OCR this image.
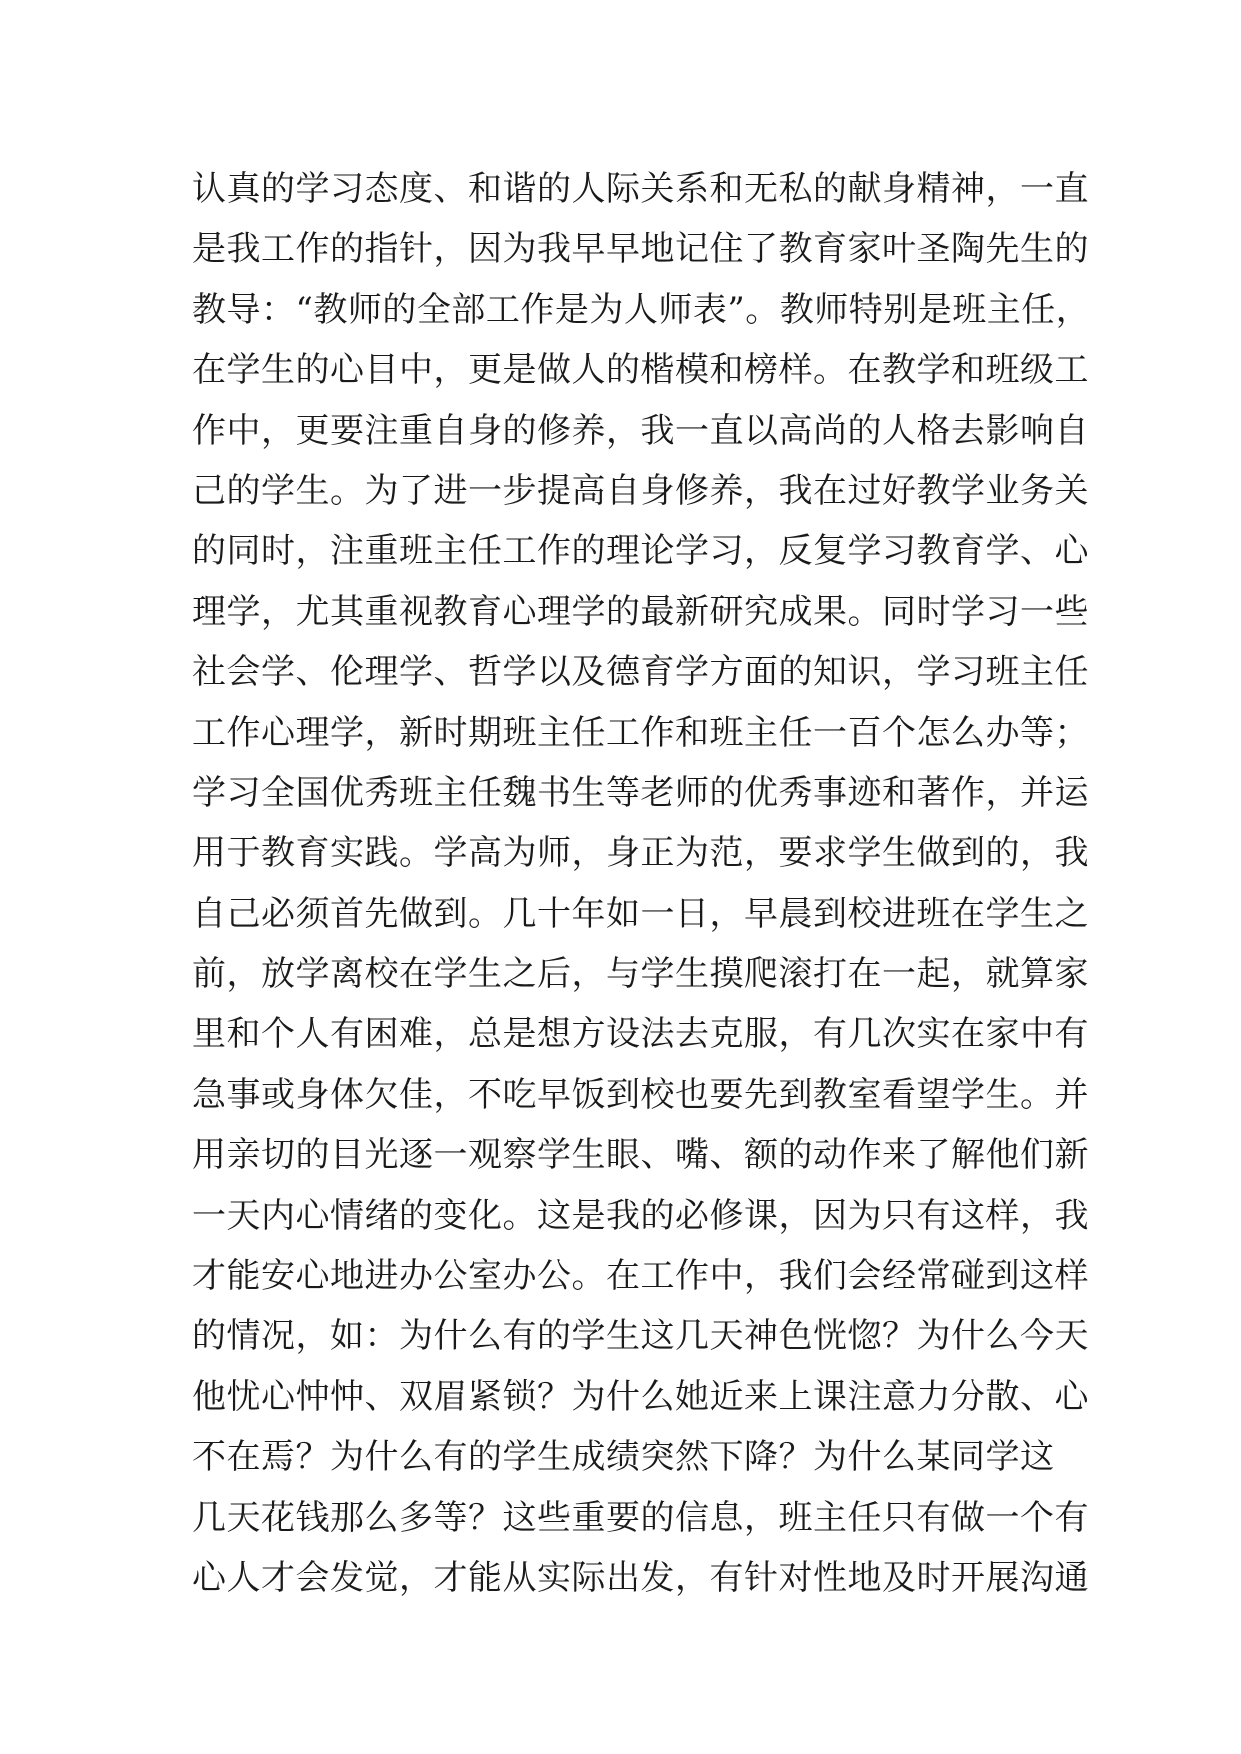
认真的学习态度、和谐的人际关系和无私的献身精神，一直
是我工作的指针，因为我早早地记住了教育家叶圣陶先生的
教导：“教师的全部工作是为人师表”。教师特别是班主任，
在学生的心目中，更是做人的楷模和榜样。在教学和班级工
作中，更要注重自身的修养，我一直以高尚的人格去影响自
己的学生。为了进一步提高自身修养，我在过好教学业务关
的同时，注重班主任工作的理论学习，反复学习教育学、心
理学，尤其重视教育心理学的最新研究成果。同时学习一些
社会学、伦理学、哲学以及德育学方面的知识，学习班主任
工作心理学，新时期班主任工作和班主任一百个怎么办等；
学习全国优秀班主任魏书生等老师的优秀事迹和著作，并运
用于教育实践。学高为师，身正为范，要求学生做到的，我
自己必须首先做到。几十年如一日，早晨到校进班在学生之
前，放学离校在学生之后，与学生摸爬滚打在一起，就算家
里和个人有困难，总是想方设法去克服，有几次实在家中有
急事或身体欠佳，不吃早饭到校也要先到教室看望学生。并
用亲切的目光逐一观察学生眼、嘴、额的动作来了解他们新
一天内心情绪的变化。这是我的必修课，因为只有这样，我
才能安心地进办公室办公。在工作中，我们会经常碰到这样
的情况，如：为什么有的学生这几天神色恍惚？为什么今天
他忧心忡忡、双眉紧锁？为什么她近来上课注意力分散、心
不在焉？为什么有的学生成绩突然下降？为什么某同学这
几天花钱那么多等？这些重要的信息，班主任只有做一个有
心人才会发觉，才能从实际出发，有针对性地及时开展沟通
